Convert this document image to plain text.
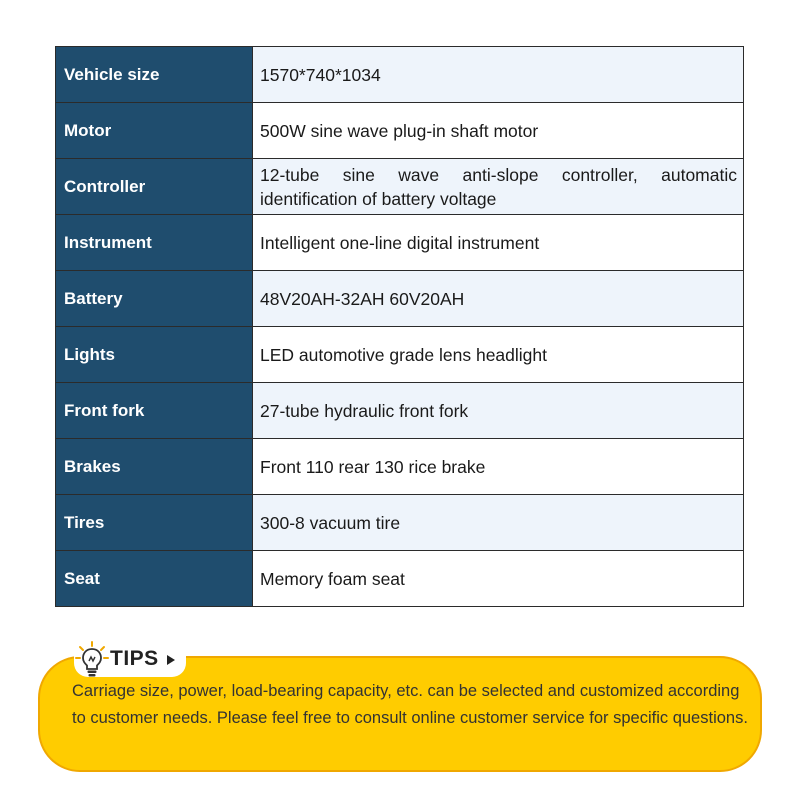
Vehicle size	1570*740*1034
Motor	500W sine wave plug-in shaft motor
Controller	12-tube sine wave anti-slope controller, automatic identification of battery voltage
Instrument	Intelligent one-line digital instrument
Battery	48V20AH-32AH 60V20AH
Lights	LED automotive grade lens headlight
Front fork	27-tube hydraulic front fork
Brakes	Front 110 rear 130 rice brake
Tires	300-8 vacuum tire
Seat	Memory foam seat
TIPS

Carriage size, power, load-bearing capacity, etc. can be selected and customized according to customer needs. Please feel free to consult online customer service for specific questions.
